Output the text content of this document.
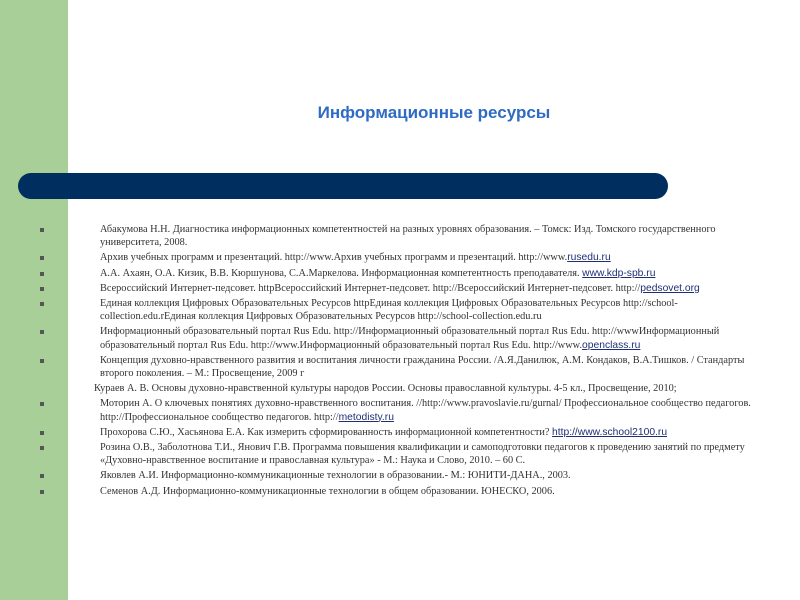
Информационные ресурсы
Абакумова Н.Н. Диагностика информационных компетентностей на разных уровнях образования. – Томск: Изд. Томского государственного университета, 2008.
Архив учебных программ и презентаций. http://www.Архив учебных программ и презентаций. http://www.rusedu.ru
А.А. Ахаян, О.А. Кизик, В.В. Кюршунова, С.А.Маркелова. Информационная компетентность преподавателя. www.kdp-spb.ru
Всероссийский Интернет-педсовет. httpВсероссийский Интернет-педсовет. http://Всероссийский Интернет-педсовет. http://pedsovet.org
Единая коллекция Цифровых Образовательных Ресурсов httpЕдиная коллекция Цифровых Образовательных Ресурсов http://school-collection.edu.rЕдиная коллекция Цифровых Образовательных Ресурсов http://school-collection.edu.ru
Информационный образовательный портал Rus Edu. http://Информационный образовательный портал Rus Edu. http://wwwИнформационный образовательный портал Rus Edu. http://www.Информационный образовательный портал Rus Edu. http://www.openclass.ru
Концепция духовно-нравственного развития и воспитания личности гражданина России. /А.Я.Данилюк, А.М. Кондаков, В.А.Тишков. / Стандарты второго поколения. – М.: Просвещение, 2009 г
Кураев А. В. Основы духовно-нравственной культуры народов России. Основы православной культуры. 4-5 кл., Просвещение, 2010;
Моторин А. О ключевых понятиях духовно-нравственного воспитания. //http://www.pravoslavie.ru/gurnal/ Профессиональное сообщество педагогов. http://Профессиональное сообщество педагогов. http://metodisty.ru
Прохорова С.Ю., Хасьянова Е.А. Как измерить сформированность информационной компетентности? http://www.school2100.ru
Розина О.В., Заболотнова Т.И., Янович Г.В. Программа повышения квалификации и самоподготовки педагогов к проведению занятий по предмету «Духовно-нравственное воспитание и православная культура» - М.: Наука и Слово, 2010. – 60 С.
Яковлев А.И. Информационно-коммуникационные технологии в образовании.- М.: ЮНИТИ-ДАНА., 2003.
Семенов А.Д. Информационно-коммуникационные технологии в общем образовании. ЮНЕСКО, 2006.
